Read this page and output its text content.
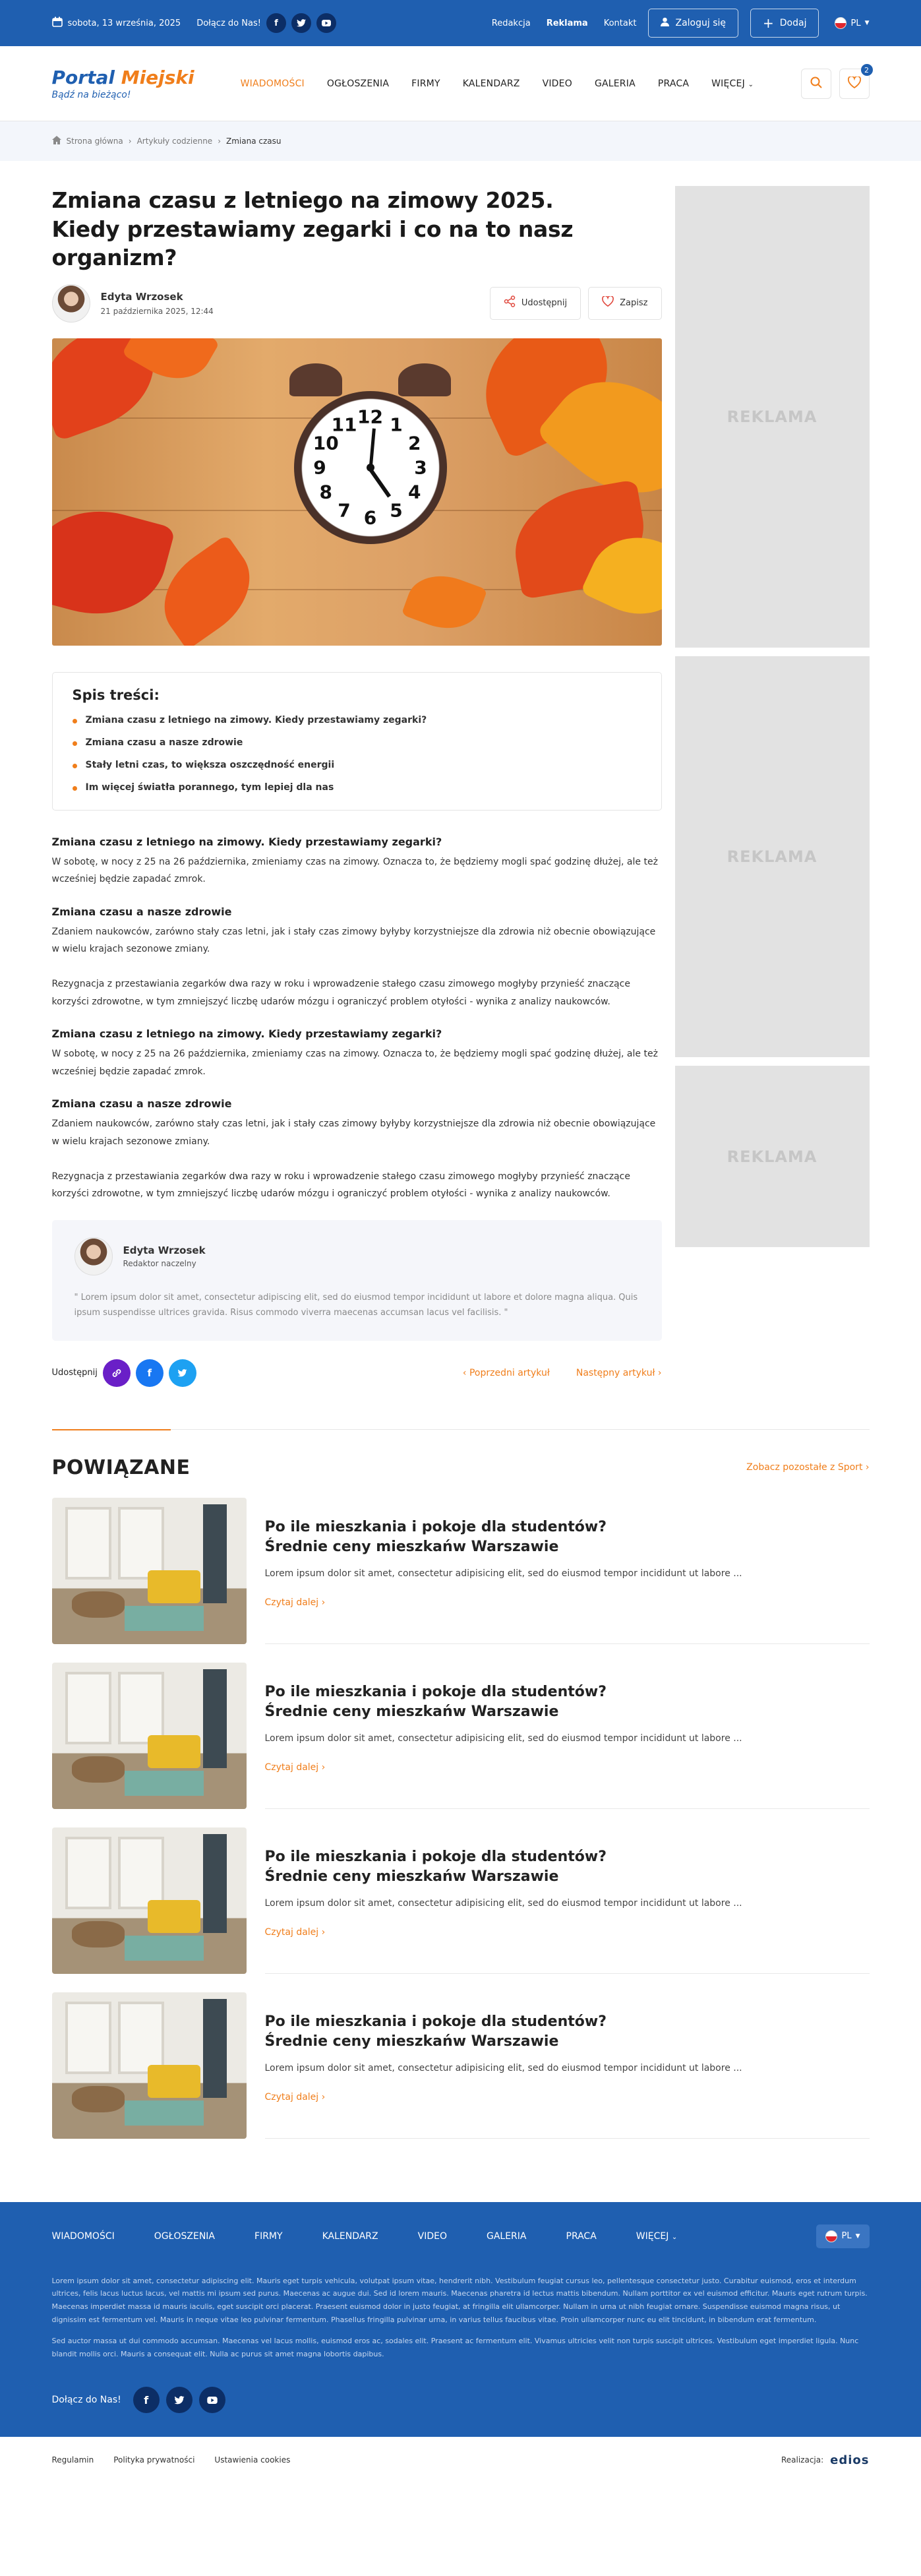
sobota, 13 września, 2025 Dołącz do Nas!	f	Redakcja Reklama Kontakt	Zaloguj się	+ Dodaj	PL ▼
Portal Miejski
Bądź na bieżąco!
WIADOMOŚCI OGŁOSZENIA FIRMY KALENDARZ VIDEO GALERIA PRACA WIĘCEJ ⌄
2
Strona główna › Artykuły codzienne › Zmiana czasu
Zmiana czasu z letniego na zimowy 2025.
Kiedy przestawiamy zegarki i co na to nasz organizm?
Edyta Wrzosek
21 października 2025, 12:44
Udostępnij	Zapisz
12 1
2
3
4
5
6
7
8
9
10
11
Spis treści:
Zmiana czasu z letniego na zimowy. Kiedy przestawiamy zegarki?
Zmiana czasu a nasze zdrowie
Stały letni czas, to większa oszczędność energii
Im więcej światła porannego, tym lepiej dla nas
Zmiana czasu z letniego na zimowy. Kiedy przestawiamy zegarki?

W sobotę, w nocy z 25 na 26 października, zmieniamy czas na zimowy. Oznacza to, że będziemy mogli spać godzinę dłużej, ale też wcześniej będzie zapadać zmrok.

Zmiana czasu a nasze zdrowie

Zdaniem naukowców, zarówno stały czas letni, jak i stały czas zimowy byłyby korzystniejsze dla zdrowia niż obecnie obowiązujące w wielu krajach sezonowe zmiany.

Rezygnacja z przestawiania zegarków dwa razy w roku i wprowadzenie stałego czasu zimowego mogłyby przynieść znaczące korzyści zdrowotne, w tym zmniejszyć liczbę udarów mózgu i ograniczyć problem otyłości - wynika z analizy naukowców.

Zmiana czasu z letniego na zimowy. Kiedy przestawiamy zegarki?

W sobotę, w nocy z 25 na 26 października, zmieniamy czas na zimowy. Oznacza to, że będziemy mogli spać godzinę dłużej, ale też wcześniej będzie zapadać zmrok.

Zmiana czasu a nasze zdrowie

Zdaniem naukowców, zarówno stały czas letni, jak i stały czas zimowy byłyby korzystniejsze dla zdrowia niż obecnie obowiązujące w wielu krajach sezonowe zmiany.

Rezygnacja z przestawiania zegarków dwa razy w roku i wprowadzenie stałego czasu zimowego mogłyby przynieść znaczące korzyści zdrowotne, w tym zmniejszyć liczbę udarów mózgu i ograniczyć problem otyłości - wynika z analizy naukowców.

Edyta Wrzosek
Redaktor naczelny
" Lorem ipsum dolor sit amet, consectetur adipiscing elit, sed do eiusmod tempor incididunt ut labore et dolore magna aliqua. Quis ipsum suspendisse ultrices gravida. Risus commodo viverra maecenas accumsan lacus vel facilisis. "
Udostępnij	f	‹ Poprzedni artykuł	Następny artykuł ›
REKLAMA
REKLAMA
REKLAMA
POWIĄZANE	Zobacz pozostałe z Sport ›
Po ile mieszkania i pokoje dla studentów? Średnie ceny mieszkańw Warszawie

Lorem ipsum dolor sit amet, consectetur adipisicing elit, sed do eiusmod tempor incididunt ut labore ...

Czytaj dalej ›
Po ile mieszkania i pokoje dla studentów? Średnie ceny mieszkańw Warszawie

Lorem ipsum dolor sit amet, consectetur adipisicing elit, sed do eiusmod tempor incididunt ut labore ...

Czytaj dalej ›
Po ile mieszkania i pokoje dla studentów? Średnie ceny mieszkańw Warszawie

Lorem ipsum dolor sit amet, consectetur adipisicing elit, sed do eiusmod tempor incididunt ut labore ...

Czytaj dalej ›
Po ile mieszkania i pokoje dla studentów? Średnie ceny mieszkańw Warszawie

Lorem ipsum dolor sit amet, consectetur adipisicing elit, sed do eiusmod tempor incididunt ut labore ...

Czytaj dalej ›
WIADOMOŚCI	OGŁOSZENIA	FIRMY	KALENDARZ	VIDEO	GALERIA	PRACA	WIĘCEJ ⌄	PL ▼

Lorem ipsum dolor sit amet, consectetur adipiscing elit. Mauris eget turpis vehicula, volutpat ipsum vitae, hendrerit nibh. Vestibulum feugiat cursus leo, pellentesque consectetur justo. Curabitur euismod, eros et interdum ultrices, felis lacus luctus lacus, vel mattis mi ipsum sed purus. Maecenas ac augue dui. Sed id lorem mauris. Maecenas pharetra id lectus mattis bibendum. Nullam porttitor ex vel euismod efficitur. Mauris eget rutrum turpis. Maecenas imperdiet massa id mauris iaculis, eget suscipit orci placerat. Praesent euismod dolor in justo feugiat, at fringilla elit ullamcorper. Nullam in urna ut nibh feugiat ornare. Suspendisse euismod magna risus, ut dignissim est fermentum vel. Mauris in neque vitae leo pulvinar fermentum. Phasellus fringilla pulvinar urna, in varius tellus faucibus vitae. Proin ullamcorper nunc eu elit tincidunt, in bibendum erat fermentum.

Sed auctor massa ut dui commodo accumsan. Maecenas vel lacus mollis, euismod eros ac, sodales elit. Praesent ac fermentum elit. Vivamus ultricies velit non turpis suscipit ultrices. Vestibulum eget imperdiet ligula. Nunc blandit mollis orci. Mauris a consequat elit. Nulla ac purus sit amet magna lobortis dapibus.

Dołącz do Nas!	f
Regulamin	Polityka prywatności	Ustawienia cookies	Realizacja: edios
